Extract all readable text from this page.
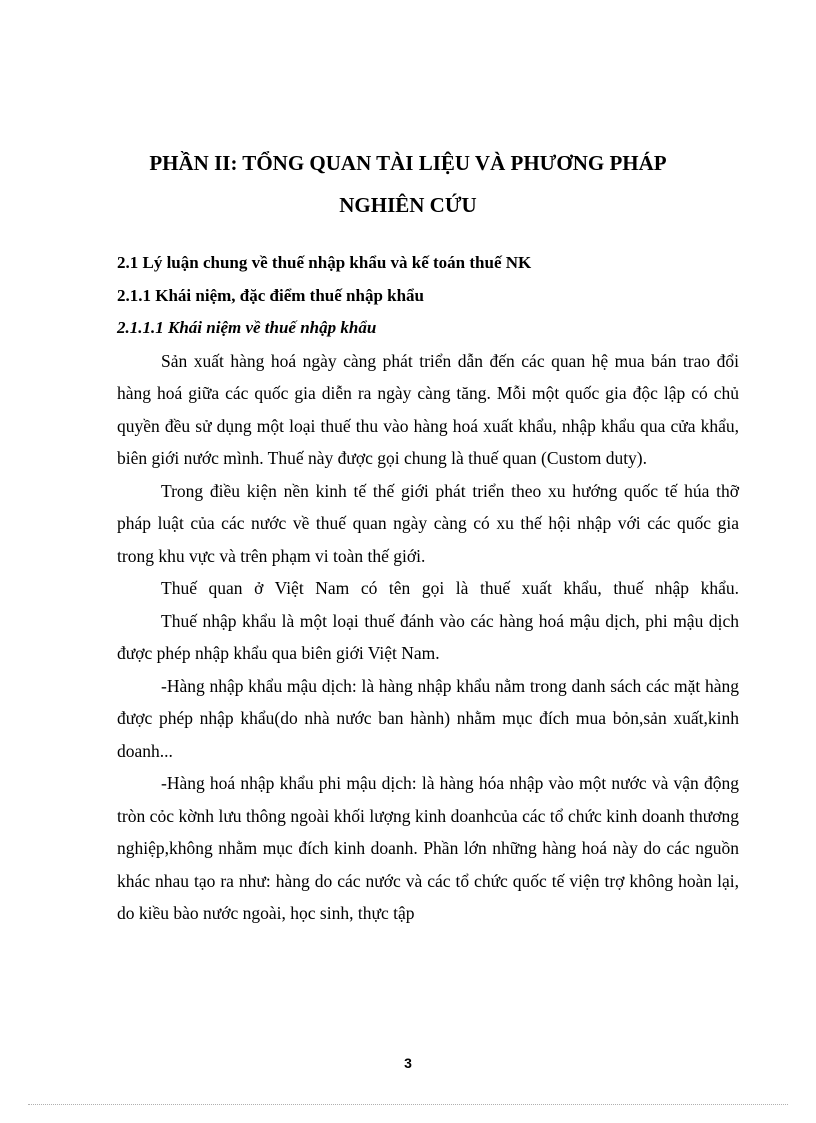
PHẦN II: TỔNG QUAN TÀI LIỆU VÀ PHƯƠNG PHÁP
NGHIÊN CỨU
2.1 Lý luận chung về thuế nhập khẩu và kế toán thuế NK
2.1.1 Khái niệm, đặc điểm thuế nhập khẩu
2.1.1.1 Khái niệm về thuế nhập khẩu
Sản xuất hàng hoá ngày càng phát triển dẫn đến các quan hệ mua bán trao đổi hàng hoá giữa các quốc gia diễn ra ngày càng tăng. Mỗi một quốc gia độc lập có chủ quyền đều sử dụng một loại thuế thu vào hàng hoá xuất khẩu, nhập khẩu qua cửa khẩu, biên giới nước mình. Thuế này được gọi chung là thuế quan (Custom duty).
Trong điều kiện nền kinh tế thế giới phát triển theo xu hướng quốc tế húa thỡ pháp luật của các nước về thuế quan ngày càng có xu thế hội nhập với các quốc gia trong khu vực và trên phạm vi toàn thế giới.
Thuế quan ở Việt Nam có tên gọi là thuế xuất khẩu, thuế nhập khẩu.
Thuế nhập khẩu là một loại thuế đánh vào các hàng hoá mậu dịch, phi mậu dịch được phép nhập khẩu qua biên giới Việt Nam.
-Hàng nhập khẩu mậu dịch: là hàng nhập khẩu nằm trong danh sách các mặt hàng được phép nhập khẩu(do nhà nước ban hành) nhằm mục đích mua bỏn,sản xuất,kinh doanh...
-Hàng hoá nhập khẩu phi mậu dịch: là hàng hóa nhập vào một nước và vận động tròn cỏc kờnh lưu thông ngoài khối lượng kinh doanhcủa các tổ chức kinh doanh thương nghiệp,không nhằm mục đích kinh doanh. Phần lớn những hàng hoá này do các nguồn khác nhau tạo ra như: hàng do các nước và các tổ chức quốc tế viện trợ không hoàn lại, do kiều bào nước ngoài, học sinh, thực tập
3
